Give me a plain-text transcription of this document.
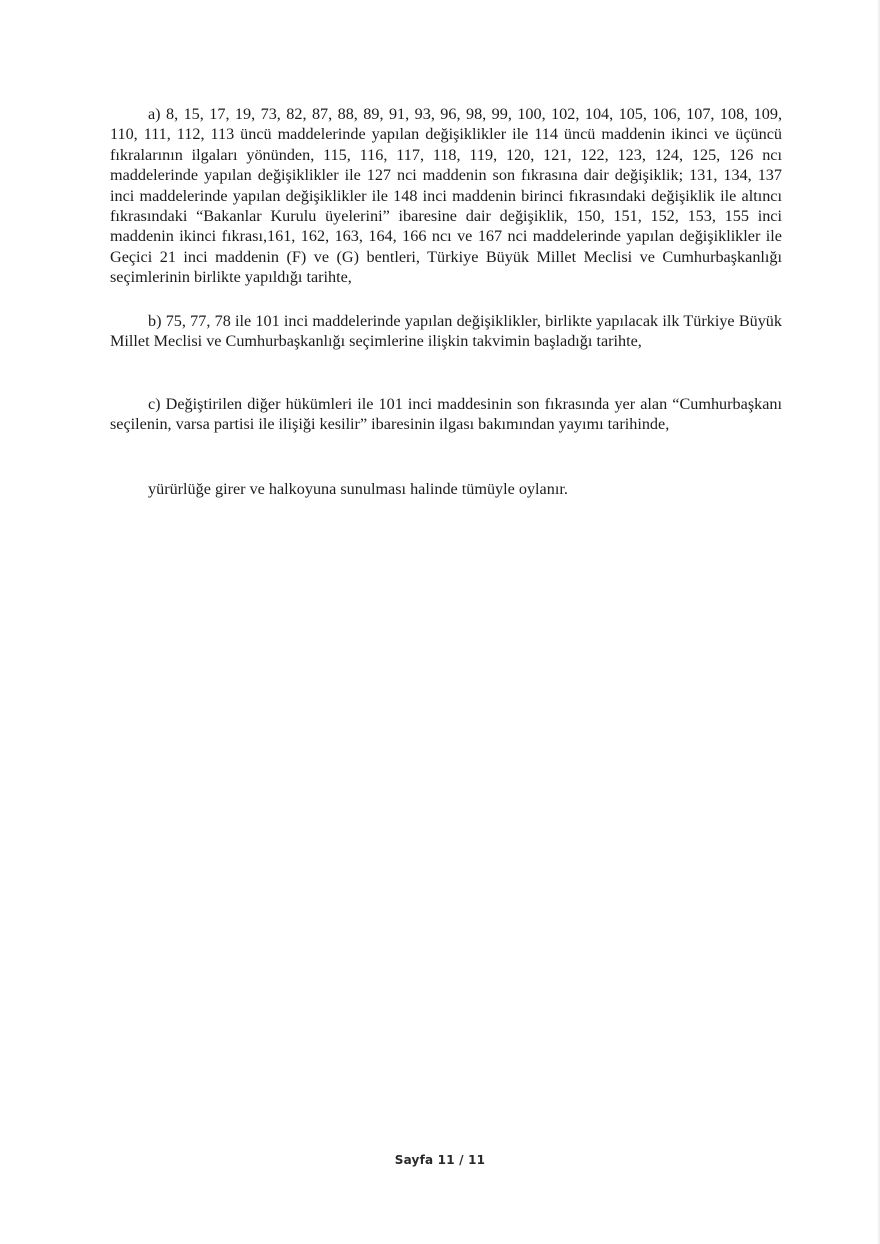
a) 8, 15, 17, 19, 73, 82, 87, 88, 89, 91, 93, 96, 98, 99, 100, 102, 104, 105, 106, 107, 108, 109, 110, 111, 112, 113 üncü maddelerinde yapılan değişiklikler ile 114 üncü maddenin ikinci ve üçüncü fıkralarının ilgaları yönünden, 115, 116, 117, 118, 119, 120, 121, 122, 123, 124, 125, 126 ncı maddelerinde yapılan değişiklikler ile 127 nci maddenin son fıkrasına dair değişiklik; 131, 134, 137 inci maddelerinde yapılan değişiklikler ile 148 inci maddenin birinci fıkrasındaki değişiklik ile altıncı fıkrasındaki “Bakanlar Kurulu üyelerini” ibaresine dair değişiklik, 150, 151, 152, 153, 155 inci maddenin ikinci fıkrası,161, 162, 163, 164, 166 ncı ve 167 nci maddelerinde yapılan değişiklikler ile Geçici 21 inci maddenin (F) ve (G) bentleri, Türkiye Büyük Millet Meclisi ve Cumhurbaşkanlığı seçimlerinin birlikte yapıldığı tarihte,

b) 75, 77, 78 ile 101 inci maddelerinde yapılan değişiklikler, birlikte yapılacak ilk Türkiye Büyük Millet Meclisi ve Cumhurbaşkanlığı seçimlerine ilişkin takvimin başladığı tarihte,

c) Değiştirilen diğer hükümleri ile 101 inci maddesinin son fıkrasında yer alan “Cumhurbaşkanı seçilenin, varsa partisi ile ilişiği kesilir” ibaresinin ilgası bakımından yayımı tarihinde,

yürürlüğe girer ve halkoyuna sunulması halinde tümüyle oylanır.

Sayfa 11 / 11
